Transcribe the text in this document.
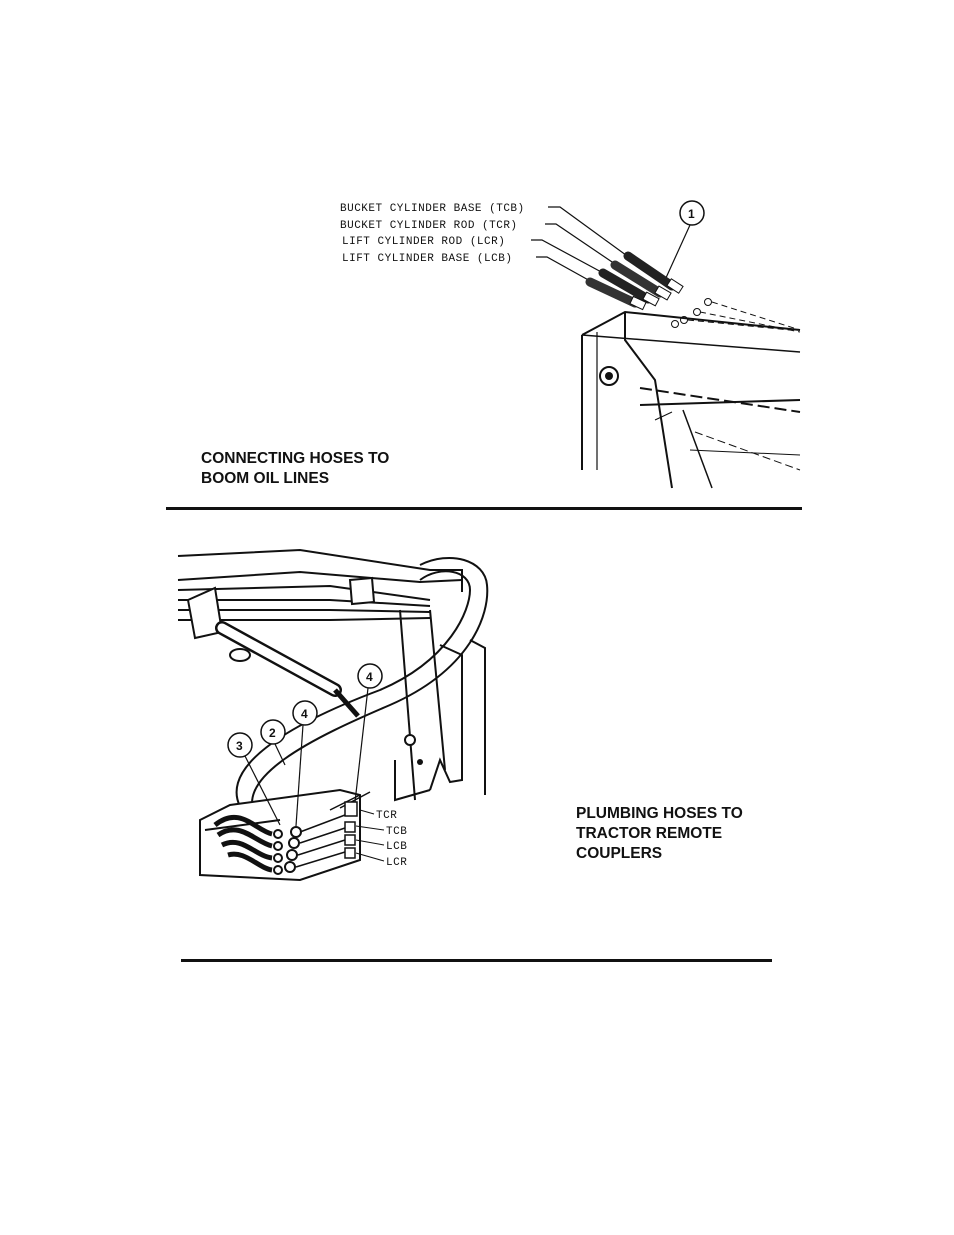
BUCKET CYLINDER BASE (TCB)
BUCKET CYLINDER ROD (TCR)
LIFT CYLINDER ROD (LCR)
LIFT CYLINDER BASE (LCB)
1
CONNECTING HOSES TO
BOOM OIL LINES
TCR
TCB
LCB
LCR
3
2
4
4
PLUMBING HOSES TO
TRACTOR REMOTE
COUPLERS
